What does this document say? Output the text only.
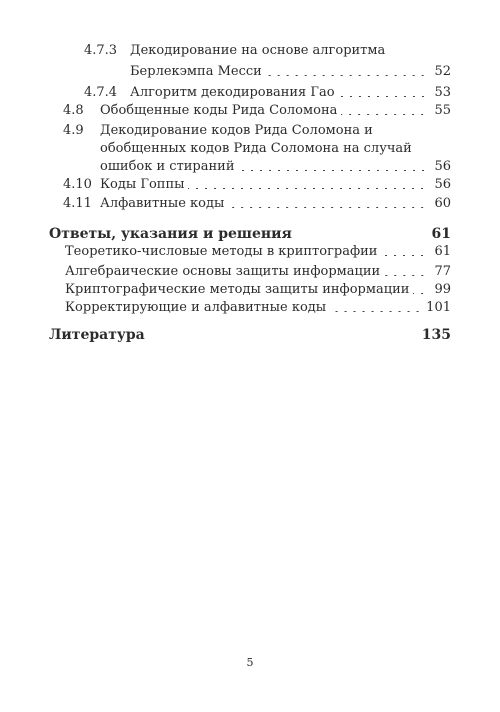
4.7.3 Декодирование на основе алгоритма
Берлекэмпа Месси	52
4.7.4 Алгоритм декодирования Гао	53
4.8 Обобщенные коды Рида Соломона	55
4.9 Декодирование кодов Рида Соломона и
обобщенных кодов Рида Соломона на случай
ошибок и стираний	56
4.10 Коды Гоппы	56
4.11 Алфавитные коды	60
Ответы, указания и решения	61
Теоретико-числовые методы в криптографии	61
Алгебраические основы защиты информации	77
Криптографические методы защиты информации 99
Корректирующие и алфавитные коды	101
Литература	135
5
